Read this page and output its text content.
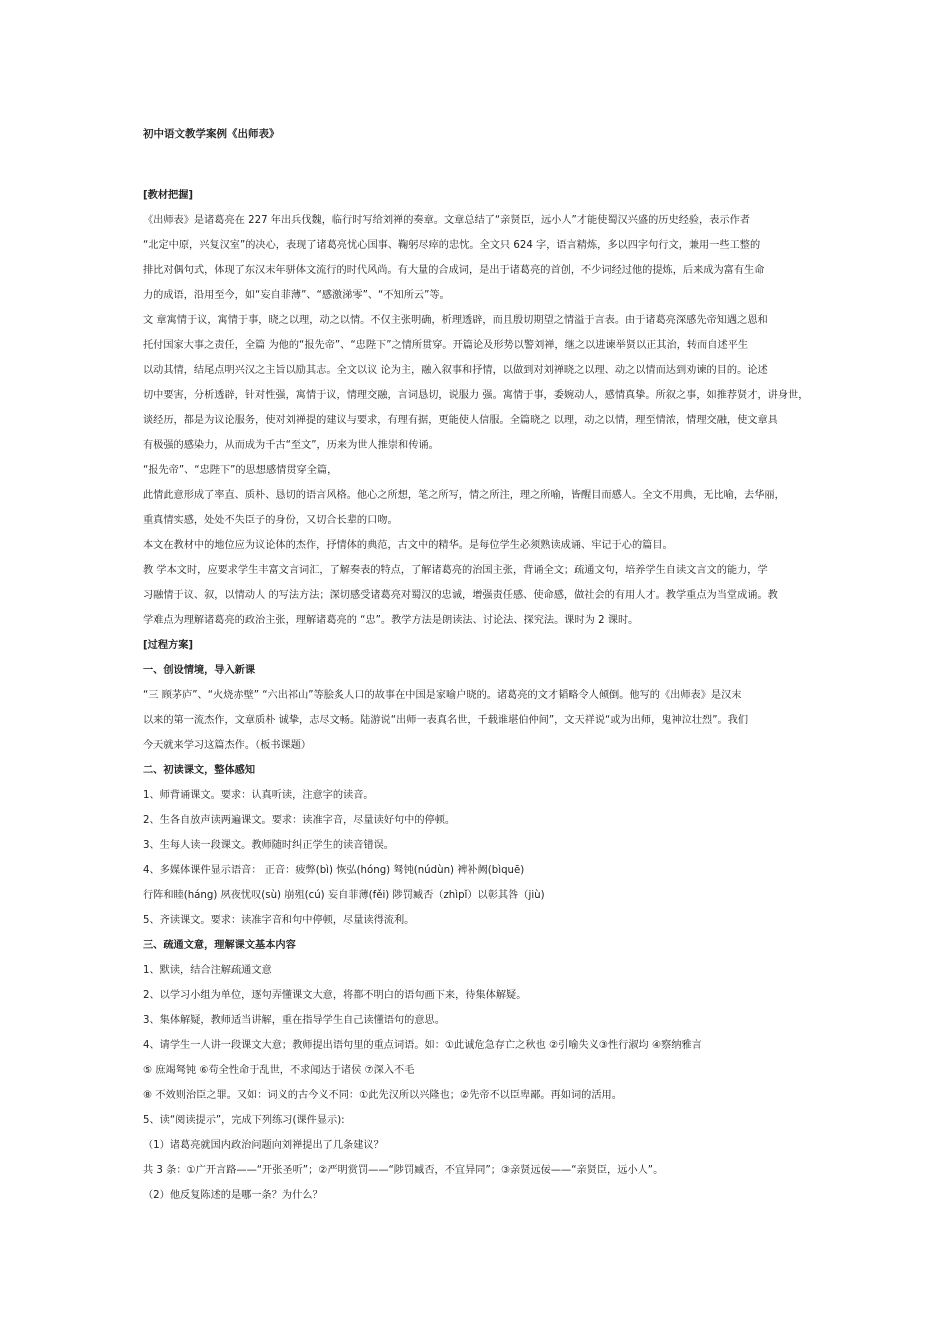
初中语文教学案例《出师表》

[教材把握]

《出师表》是诸葛亮在 227 年出兵伐魏，临行时写给刘禅的奏章。文章总结了“亲贤臣，远小人”才能使蜀汉兴盛的历史经验，表示作者

“北定中原，兴复汉室”的决心，表现了诸葛亮忧心国事、鞠躬尽瘁的忠忱。全文只 624 字，语言精炼，多以四字句行文，兼用一些工整的

排比对偶句式，体现了东汉末年骈体文流行的时代风尚。有大量的合成词，是出于诸葛亮的首创，不少词经过他的提炼，后来成为富有生命

力的成语，沿用至今，如“妄自菲薄”、“感激涕零”、“不知所云”等。

文 章寓情于议，寓情于事，晓之以理，动之以情。不仅主张明确，析理透辟，而且殷切期望之情溢于言表。由于诸葛亮深感先帝知遇之恩和

托付国家大事之责任，全篇 为他的“报先帝”、“忠陛下”之情所贯穿。开篇论及形势以警刘禅，继之以进谏举贤以正其治，转而自述平生

以动其情，结尾点明兴汉之主旨以励其志。全文以议 论为主，融入叙事和抒情，以做到对刘禅晓之以理、动之以情而达到劝谏的目的。论述

切中要害，分析透辟，针对性强，寓情于议，情理交融，言词恳切，说服力 强。寓情于事，委婉动人，感情真挚。所叙之事，如推荐贤才，讲身世，

谈经历，都是为议论服务，使对刘禅提的建议与要求，有理有据，更能使人信服。全篇晓之 以理，动之以情，理至情浓，情理交融，使文章具

有极强的感染力，从而成为千古“至文”，历来为世人推崇和传诵。

“报先帝”、“忠陛下”的思想感情贯穿全篇，

此情此意形成了率直、质朴、恳切的语言风格。他心之所想，笔之所写，情之所注，理之所喻，皆醒目而感人。全文不用典，无比喻，去华丽，

重真情实感，处处不失臣子的身份，又切合长辈的口吻。

本文在教材中的地位应为议论体的杰作，抒情体的典范，古文中的精华。是每位学生必须熟读成诵、牢记于心的篇目。

教 学本文时，应要求学生丰富文言词汇，了解奏表的特点，了解诸葛亮的治国主张，背诵全文；疏通文句，培养学生自读文言文的能力，学

习融情于议、叙，以情动人 的写法方法；深切感受诸葛亮对蜀汉的忠诚，增强责任感、使命感，做社会的有用人才。教学重点为当堂成诵。教

学难点为理解诸葛亮的政治主张，理解诸葛亮的 “忠”。教学方法是朗读法、讨论法、探究法。课时为 2 课时。

[过程方案]

一、创设情境，导入新课

“三 顾茅庐”、“火烧赤壁” “六出祁山”等脍炙人口的故事在中国是家喻户晓的。诸葛亮的文才韬略令人倾倒。他写的《出师表》是汉末

以来的第一流杰作，文章质朴 诚挚，志尽文畅。陆游说“出师一表真名世，千载谁堪伯仲间”，文天祥说“或为出师，鬼神泣壮烈”。我们

今天就来学习这篇杰作。（板书课题）

二、初读课文，整体感知

1、师背诵课文。要求：认真听读，注意字的读音。

2、生各自放声读两遍课文。要求：读准字音，尽量读好句中的停顿。

3、生每人读一段课文。教师随时纠正学生的读音错误。

4、多媒体课件显示语音： 正音：疲弊(bì) 恢弘(hóng) 驽钝(núdùn) 裨补阙(bìquē)

行阵和睦(háng) 夙夜忧叹(sù) 崩殂(cú) 妄自菲薄(fěi) 陟罚臧否（zhìpǐ）以彰其咎（jiù)

5、齐读课文。要求：读准字音和句中停顿，尽量读得流利。

三、疏通文意，理解课文基本内容

1、默读，结合注解疏通文意

2、以学习小组为单位，逐句弄懂课文大意，将都不明白的语句画下来，待集体解疑。

3、集体解疑，教师适当讲解，重在指导学生自己读懂语句的意思。

4、请学生一人讲一段课文大意；教师提出语句里的重点词语。如：①此诚危急存亡之秋也 ②引喻失义③性行淑均 ④察纳雅言

⑤ 庶竭驽钝 ⑥苟全性命于乱世，不求闻达于诸侯 ⑦深入不毛

⑧ 不效则治臣之罪。又如：词义的古今义不同：①此先汉所以兴隆也；②先帝不以臣卑鄙。再如词的活用。

5、读“阅读提示”，完成下列练习(课件显示):

（1）诸葛亮就国内政治问题向刘禅提出了几条建议？

共 3 条：①广开言路——“开张圣听”；②严明赏罚——“陟罚臧否，不宜异同”；③亲贤远佞——“亲贤臣，远小人”。

（2）他反复陈述的是哪一条？为什么？
